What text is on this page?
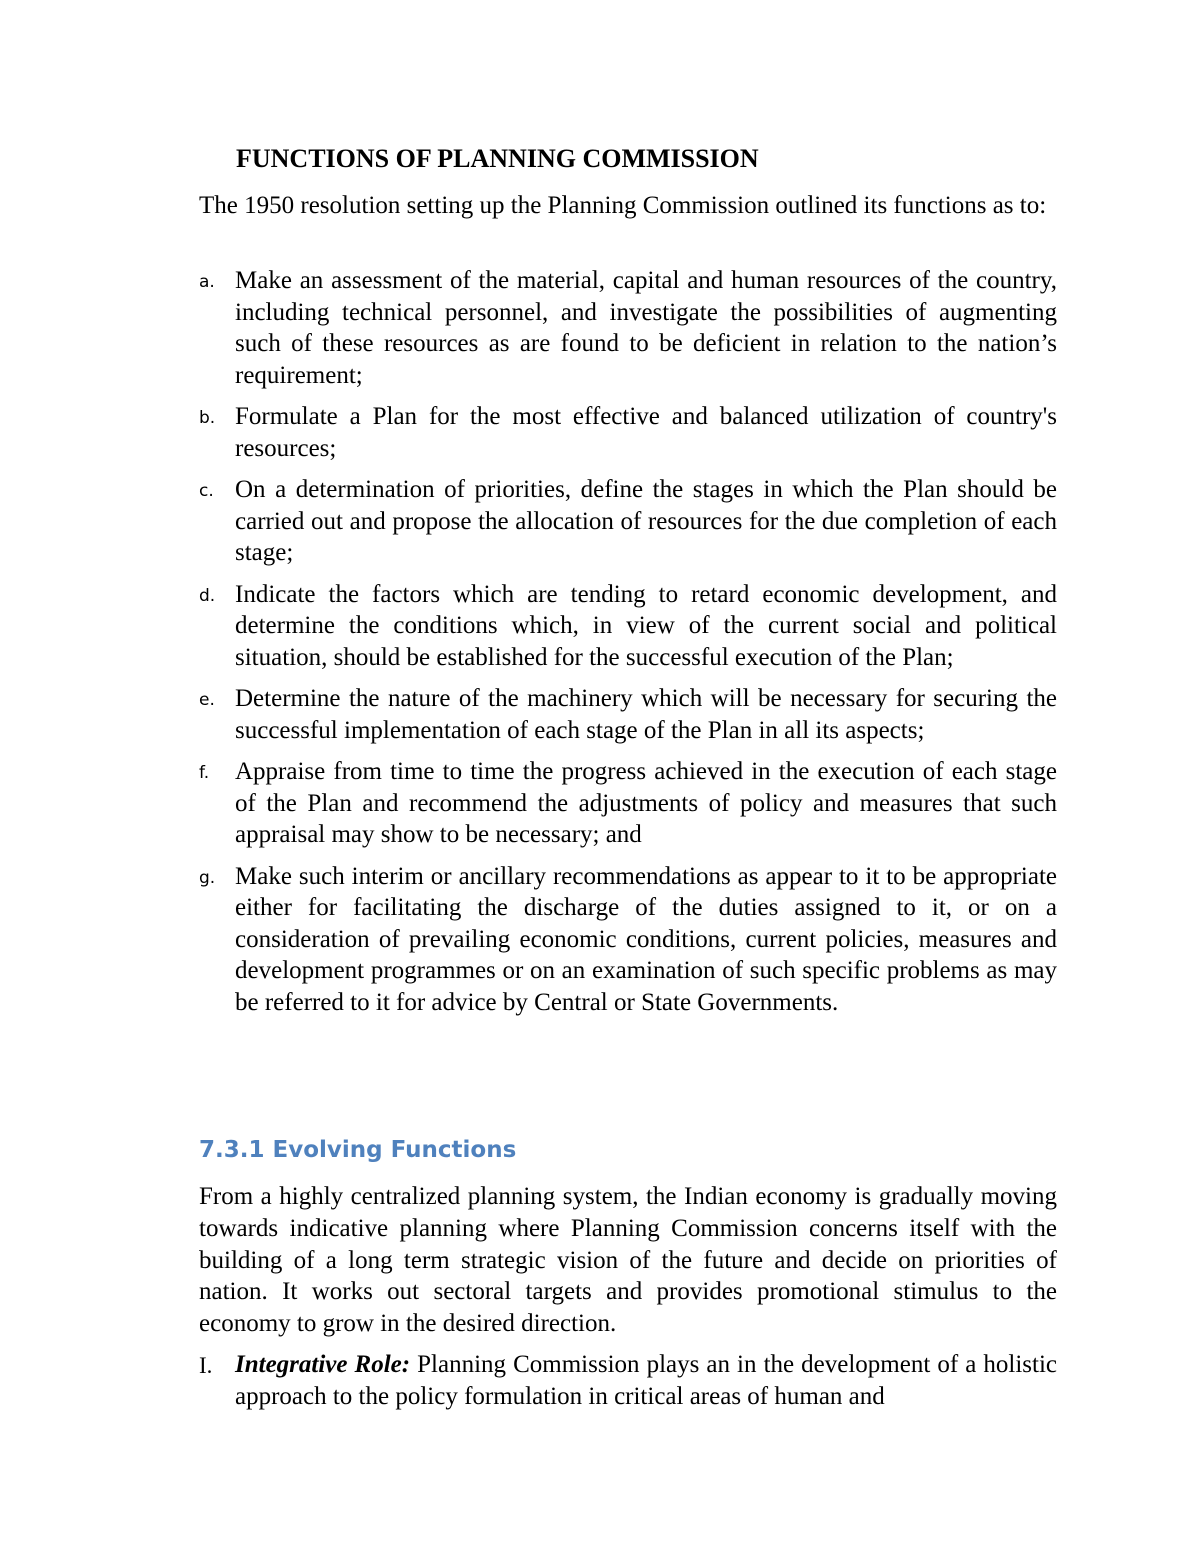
FUNCTIONS OF PLANNING COMMISSION

The 1950 resolution setting up the Planning Commission outlined its functions as to:

a. Make an assessment of the material, capital and human resources of the country, including technical personnel, and investigate the possibilities of augmenting such of these resources as are found to be deficient in relation to the nation’s requirement;
b. Formulate a Plan for the most effective and balanced utilization of country's resources;
c. On a determination of priorities, define the stages in which the Plan should be carried out and propose the allocation of resources for the due completion of each stage;
d. Indicate the factors which are tending to retard economic development, and determine the conditions which, in view of the current social and political situation, should be established for the successful execution of the Plan;
e. Determine the nature of the machinery which will be necessary for securing the successful implementation of each stage of the Plan in all its aspects;
f. Appraise from time to time the progress achieved in the execution of each stage of the Plan and recommend the adjustments of policy and measures that such appraisal may show to be necessary; and
g. Make such interim or ancillary recommendations as appear to it to be appropriate either for facilitating the discharge of the duties assigned to it, or on a consideration of prevailing economic conditions, current policies, measures and development programmes or on an examination of such specific problems as may be referred to it for advice by Central or State Governments.
7.3.1 Evolving Functions

From a highly centralized planning system, the Indian economy is gradually moving towards indicative planning where Planning Commission concerns itself with the building of a long term strategic vision of the future and decide on priorities of nation. It works out sectoral targets and provides promotional stimulus to the economy to grow in the desired direction.

I. Integrative Role: Planning Commission plays an in the development of a holistic approach to the policy formulation in critical areas of human and
